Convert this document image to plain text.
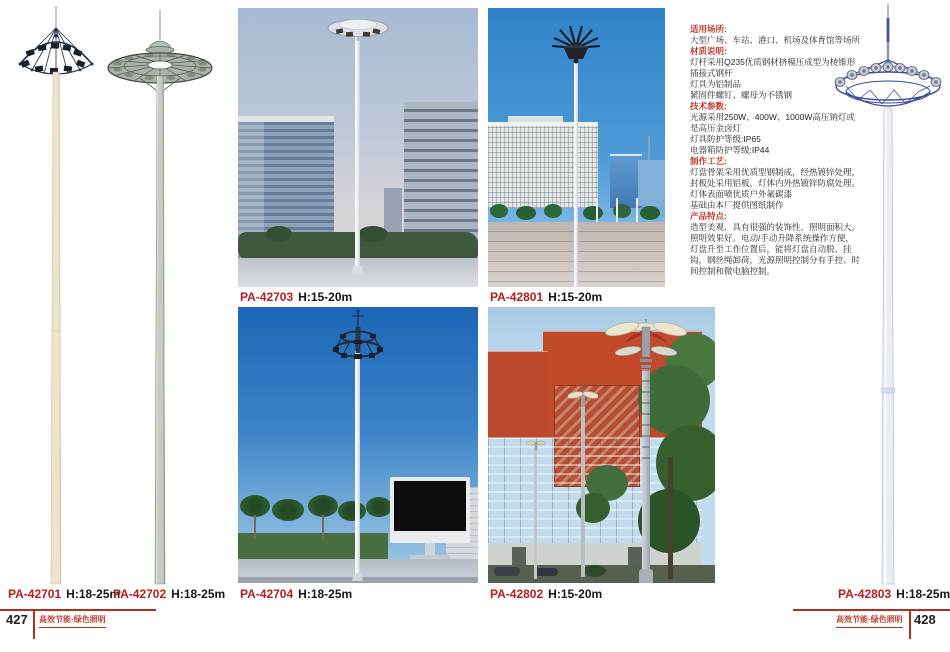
适用场所:
大型广场、车站、港口、机场及体育馆等场所
材质说明:
灯杆采用Q235优质钢材挤模压成型为棱锥形插接式钢杆
灯具为铝制品
紧固件螺钉、螺母为不锈钢
技术参数:
光源采用250W、400W、1000W高压钠灯或是高压金卤灯
灯具防护等级:IP65
电器箱防护等级:IP44
制作工艺:
灯盘骨架采用优质型钢制成，经热镀锌处理，封板处采用铝板，灯体内外热镀锌防腐处理。灯体表面喷优质户外氟碳漆
基础由本厂提供图纸制作
产品特点:
造型美观、具有很强的装饰性。照明面积大，照明效果好。电动/手动升降系统操作方便，灯盘升至工作位置后，能将灯盘自动脱、挂钩，钢丝绳卸荷，光源照明控制分有手控、时间控制和微电脑控制。
PA-42703 H:15-20m	PA-42801 H:15-20m
PA-42701 H:18-25m
PA-42702 H:18-25m PA-42704 H:18-25m	PA-42802 H:15-20m	PA-42803 H:18-25m
427 高效节能·绿色照明	高效节能·绿色照明 428
